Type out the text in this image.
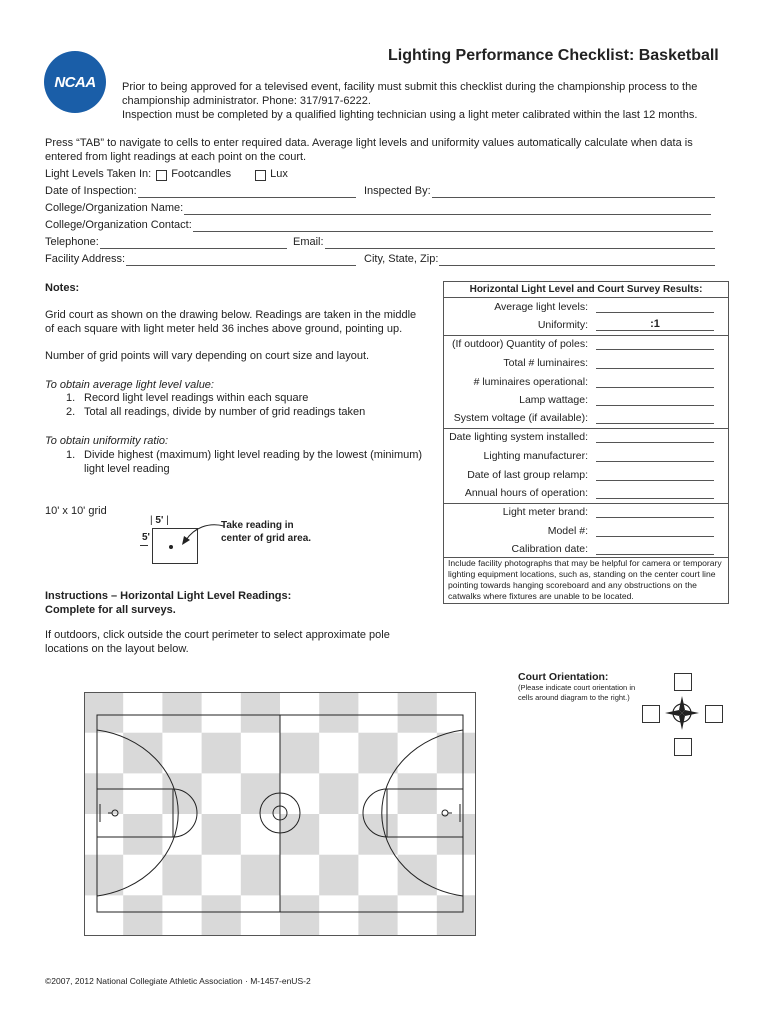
NCAA
Lighting Performance Checklist: Basketball
Prior to being approved for a televised event, facility must submit this checklist during the championship process to the
championship administrator. Phone: 317/917-6222.
Inspection must be completed by a qualified lighting technician using a light meter calibrated within the last 12 months.
Press “TAB” to navigate to cells to enter required data. Average light levels and uniformity values automatically calculate when data is
entered from light readings at each point on the court.
Light Levels Taken In: Footcandles	Lux
Date of Inspection:	Inspected By:
College/Organization Name:
College/Organization Contact:
Telephone:	Email:
Facility Address:	City, State, Zip:
Notes:
Grid court as shown on the drawing below. Readings are taken in the middle
of each square with light meter held 36 inches above ground, pointing up.
Number of grid points will vary depending on court size and layout.
To obtain average light level value:
1. Record light level readings within each square
2. Total all readings, divide by number of grid readings taken
To obtain uniformity ratio:
1. Divide highest (maximum) light level reading by the lowest (minimum)
light level reading
10' x 10' grid
| 5' |
5'
Take reading in
center of grid area.
Instructions – Horizontal Light Level Readings:
Complete for all surveys.
If outdoors, click outside the court perimeter to select approximate pole
locations on the layout below.
Horizontal Light Level and Court Survey Results:
Average light levels:
Uniformity:	:1
(If outdoor) Quantity of poles:
Total # luminaires:
# luminaires operational:
Lamp wattage:
System voltage (if available):
Date lighting system installed:
Lighting manufacturer:
Date of last group relamp:
Annual hours of operation:
Light meter brand:
Model #:
Calibration date:
Include facility photographs that may be helpful for camera or temporary lighting equipment locations, such as, standing on the center court line pointing towards hanging scoreboard and any obstructions on the catwalks where fixtures are unable to be located.
Court Orientation:
(Please indicate court orientation in
cells around diagram to the right.)
©2007, 2012 National Collegiate Athletic Association · M-1457-enUS-2
